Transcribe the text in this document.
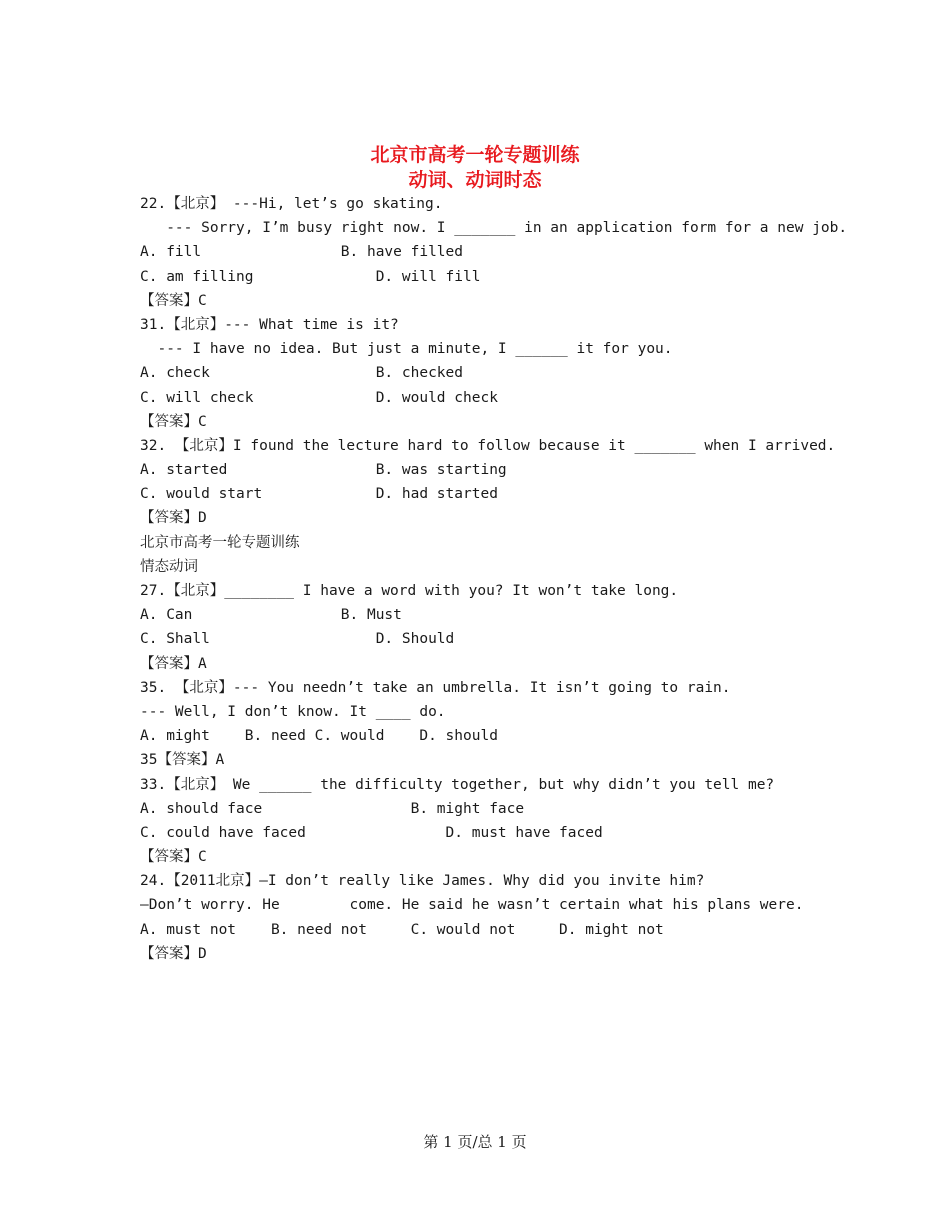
北京市高考一轮专题训练
动词、动词时态
22.【北京】 ---Hi, let’s go skating.
--- Sorry, I’m busy right now. I _______ in an application form for a new job.
A. fill                B. have filled
C. am filling              D. will fill
【答案】C
31.【北京】--- What time is it?
--- I have no idea. But just a minute, I ______ it for you.
A. check                   B. checked
C. will check              D. would check
【答案】C
32. 【北京】I found the lecture hard to follow because it _______ when I arrived.
A. started                 B. was starting
C. would start             D. had started
【答案】D
北京市高考一轮专题训练
情态动词
27.【北京】________ I have a word with you? It won’t take long.
A. Can                 B. Must
C. Shall                   D. Should
【答案】A
35. 【北京】--- You needn’t take an umbrella. It isn’t going to rain.
--- Well, I don’t know. It ____ do.
A. might    B. need C. would    D. should
35【答案】A
33.【北京】 We ______ the difficulty together, but why didn’t you tell me?
A. should face                 B. might face
C. could have faced                D. must have faced
【答案】C
24.【2011北京】—I don’t really like James. Why did you invite him?
—Don’t worry. He        come. He said he wasn’t certain what his plans were.
A. must not    B. need not     C. would not     D. might not
【答案】D
第 1 页/总 1 页
